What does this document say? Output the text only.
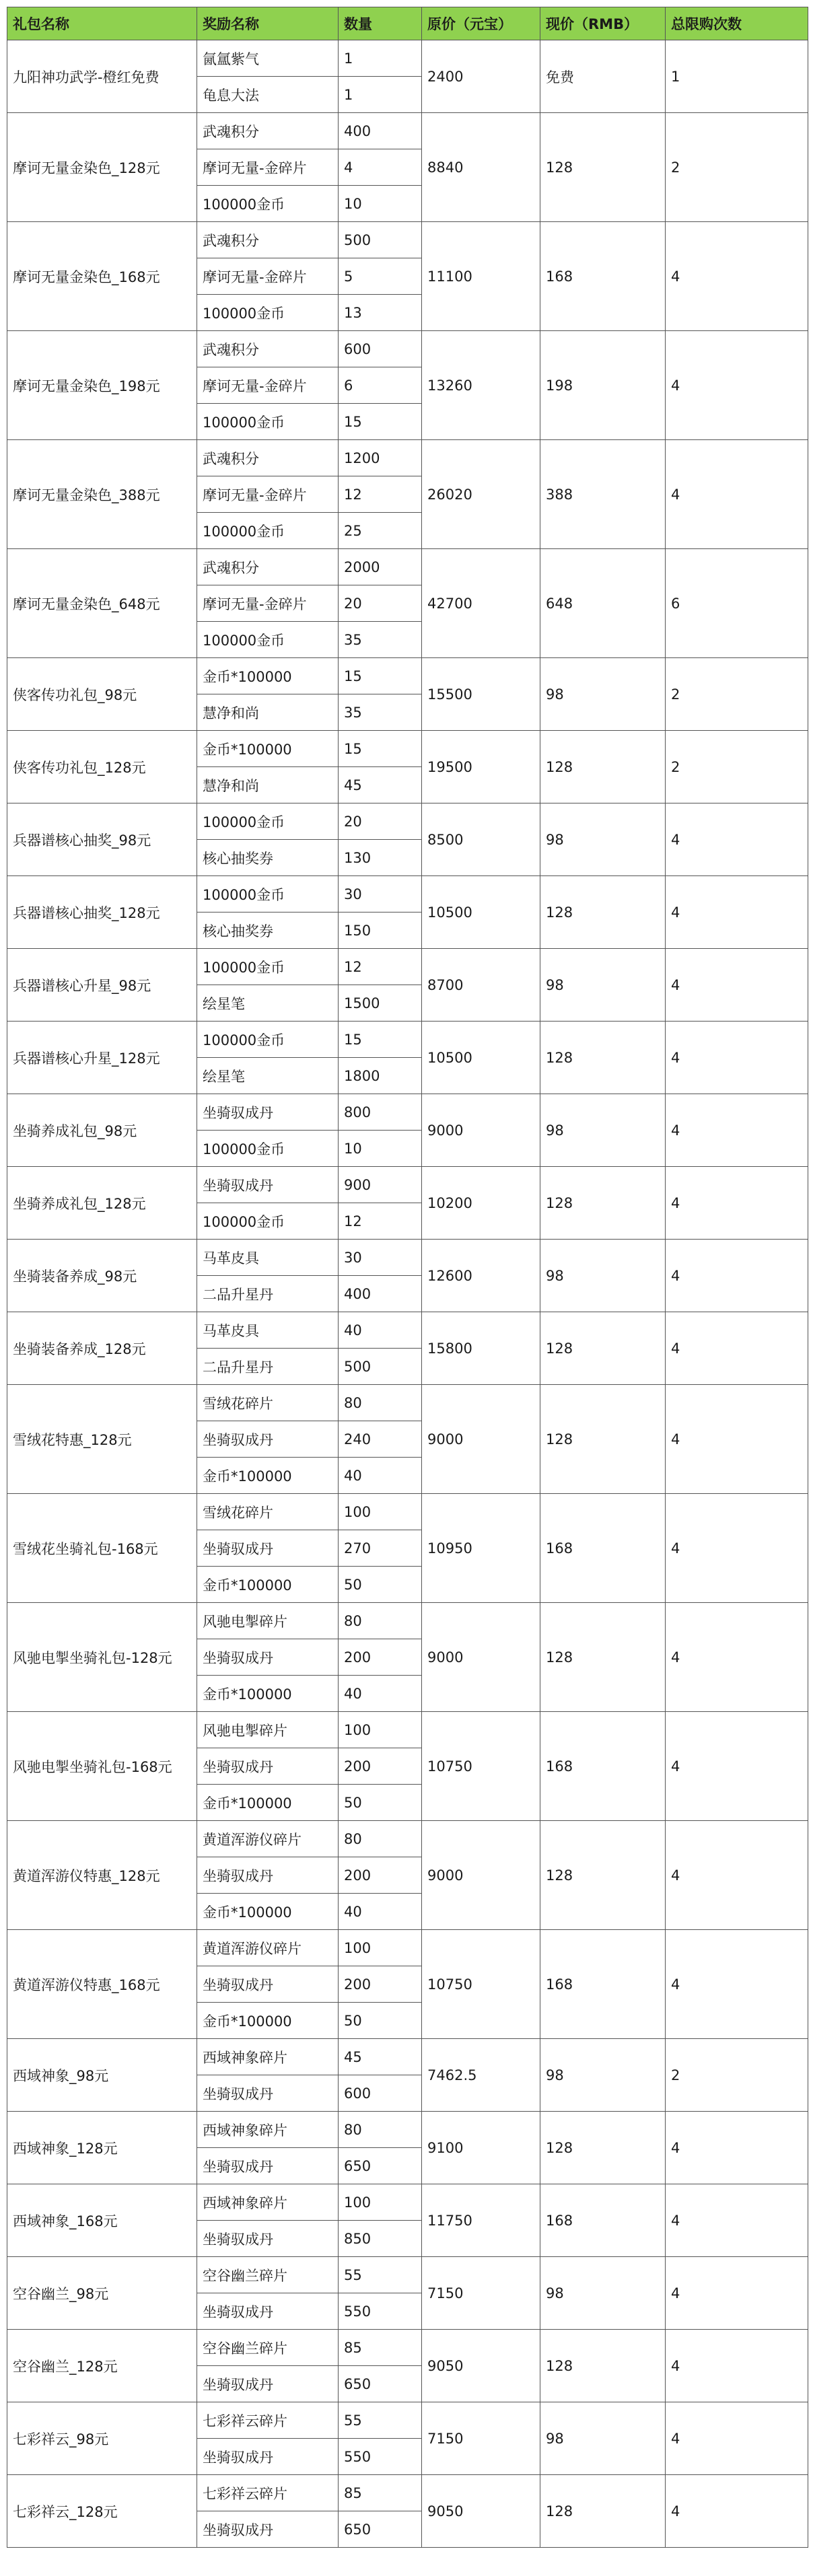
礼包名称	奖励名称	数量	原价（元宝）	现价（RMB）	总限购次数
九阳神功武学-橙红免费	氤氲紫气	1	2400	免费	1
	龟息大法	1			
摩诃无量金染色_128元	武魂积分	400	8840	128	2
	摩诃无量-金碎片	4			
	100000金币	10			
摩诃无量金染色_168元	武魂积分	500	11100	168	4
	摩诃无量-金碎片	5			
	100000金币	13			
摩诃无量金染色_198元	武魂积分	600	13260	198	4
	摩诃无量-金碎片	6			
	100000金币	15			
摩诃无量金染色_388元	武魂积分	1200	26020	388	4
	摩诃无量-金碎片	12			
	100000金币	25			
摩诃无量金染色_648元	武魂积分	2000	42700	648	6
	摩诃无量-金碎片	20			
	100000金币	35			
侠客传功礼包_98元	金币*100000	15	15500	98	2
	慧净和尚	35			
侠客传功礼包_128元	金币*100000	15	19500	128	2
	慧净和尚	45			
兵器谱核心抽奖_98元	100000金币	20	8500	98	4
	核心抽奖券	130			
兵器谱核心抽奖_128元	100000金币	30	10500	128	4
	核心抽奖券	150			
兵器谱核心升星_98元	100000金币	12	8700	98	4
	绘星笔	1500			
兵器谱核心升星_128元	100000金币	15	10500	128	4
	绘星笔	1800			
坐骑养成礼包_98元	坐骑驭成丹	800	9000	98	4
	100000金币	10			
坐骑养成礼包_128元	坐骑驭成丹	900	10200	128	4
	100000金币	12			
坐骑装备养成_98元	马革皮具	30	12600	98	4
	二品升星丹	400			
坐骑装备养成_128元	马革皮具	40	15800	128	4
	二品升星丹	500			
雪绒花特惠_128元	雪绒花碎片	80	9000	128	4
	坐骑驭成丹	240			
	金币*100000	40			
雪绒花坐骑礼包-168元	雪绒花碎片	100	10950	168	4
	坐骑驭成丹	270			
	金币*100000	50			
风驰电掣坐骑礼包-128元	风驰电掣碎片	80	9000	128	4
	坐骑驭成丹	200			
	金币*100000	40			
风驰电掣坐骑礼包-168元	风驰电掣碎片	100	10750	168	4
	坐骑驭成丹	200			
	金币*100000	50			
黄道浑游仪特惠_128元	黄道浑游仪碎片	80	9000	128	4
	坐骑驭成丹	200			
	金币*100000	40			
黄道浑游仪特惠_168元	黄道浑游仪碎片	100	10750	168	4
	坐骑驭成丹	200			
	金币*100000	50			
西域神象_98元	西域神象碎片	45	7462.5	98	2
	坐骑驭成丹	600			
西域神象_128元	西域神象碎片	80	9100	128	4
	坐骑驭成丹	650			
西域神象_168元	西域神象碎片	100	11750	168	4
	坐骑驭成丹	850			
空谷幽兰_98元	空谷幽兰碎片	55	7150	98	4
	坐骑驭成丹	550			
空谷幽兰_128元	空谷幽兰碎片	85	9050	128	4
	坐骑驭成丹	650			
七彩祥云_98元	七彩祥云碎片	55	7150	98	4
	坐骑驭成丹	550			
七彩祥云_128元	七彩祥云碎片	85	9050	128	4
	坐骑驭成丹	650			
